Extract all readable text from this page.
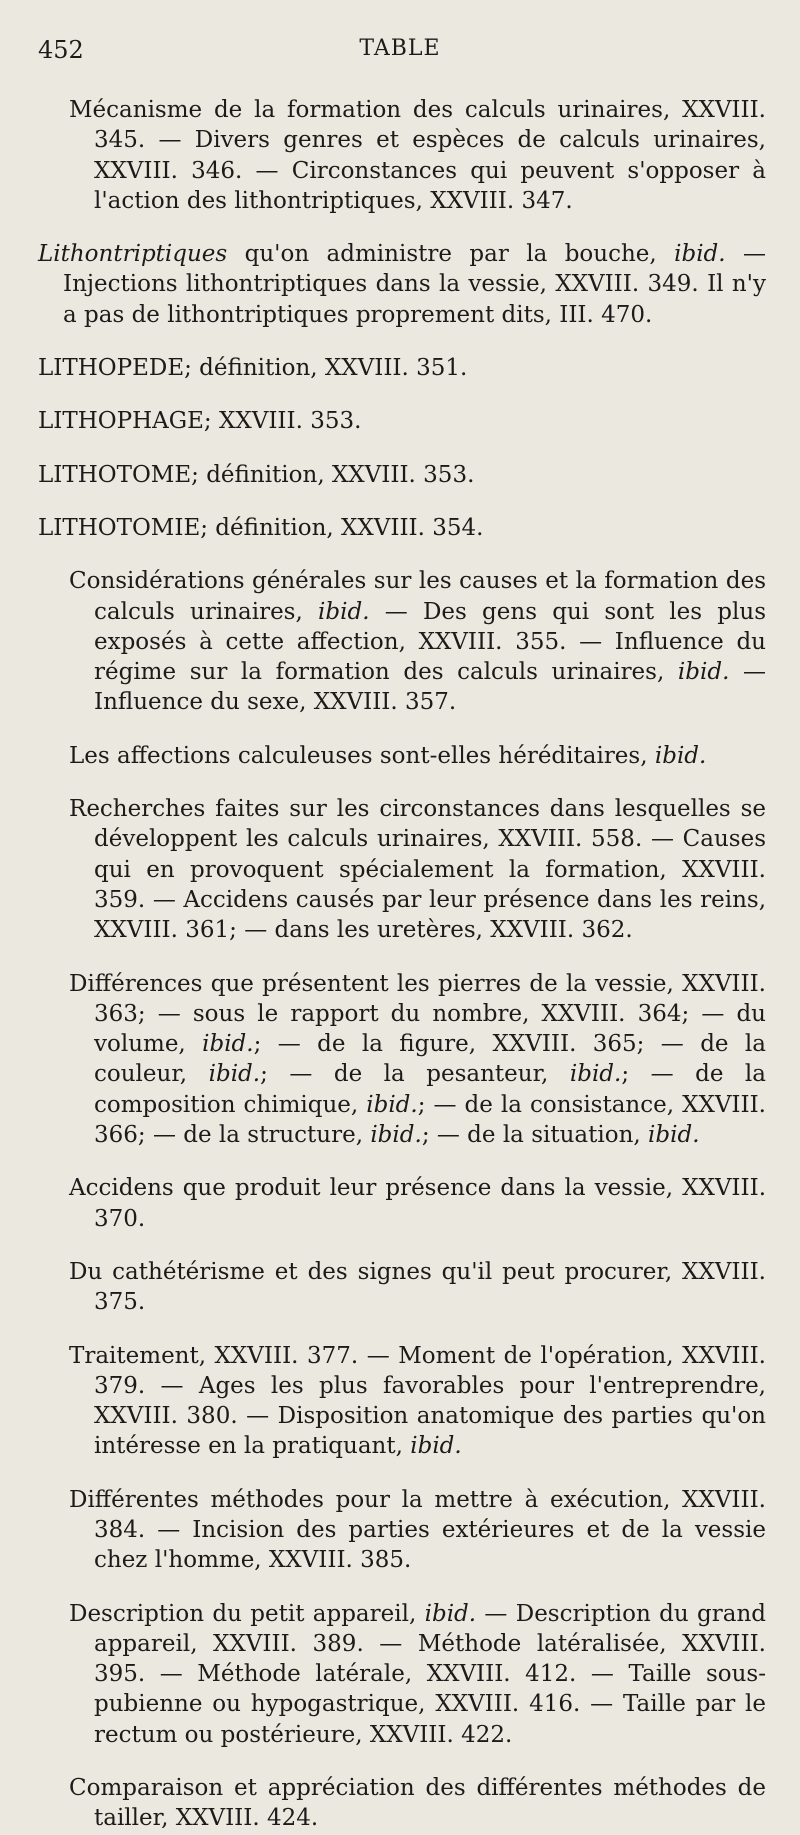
452	TABLE

Mécanisme de la formation des calculs urinaires, XXVIII. 345. — Divers genres et espèces de calculs urinaires, XXVIII. 346. — Circonstances qui peuvent s'opposer à l'action des lithontriptiques, XXVIII. 347.

Lithontriptiques qu'on administre par la bouche, ibid. — Injections lithontriptiques dans la vessie, XXVIII. 349. Il n'y a pas de lithontriptiques proprement dits, III. 470.

LITHOPEDE; définition, XXVIII. 351.

LITHOPHAGE; XXVIII. 353.

LITHOTOME; définition, XXVIII. 353.

LITHOTOMIE; définition, XXVIII. 354.

Considérations générales sur les causes et la formation des calculs urinaires, ibid. — Des gens qui sont les plus exposés à cette affection, XXVIII. 355. — Influence du régime sur la formation des calculs urinaires, ibid. — Influence du sexe, XXVIII. 357.

Les affections calculeuses sont-elles héréditaires, ibid.

Recherches faites sur les circonstances dans lesquelles se développent les calculs urinaires, XXVIII. 558. — Causes qui en provoquent spécialement la formation, XXVIII. 359. — Accidens causés par leur présence dans les reins, XXVIII. 361; — dans les uretères, XXVIII. 362.

Différences que présentent les pierres de la vessie, XXVIII. 363; — sous le rapport du nombre, XXVIII. 364; — du volume, ibid.; — de la figure, XXVIII. 365; — de la couleur, ibid.; — de la pesanteur, ibid.; — de la composition chimique, ibid.; — de la consistance, XXVIII. 366; — de la structure, ibid.; — de la situation, ibid.

Accidens que produit leur présence dans la vessie, XXVIII. 370.

Du cathétérisme et des signes qu'il peut procurer, XXVIII. 375.

Traitement, XXVIII. 377. — Moment de l'opération, XXVIII. 379. — Ages les plus favorables pour l'entreprendre, XXVIII. 380. — Disposition anatomique des parties qu'on intéresse en la pratiquant, ibid.

Différentes méthodes pour la mettre à exécution, XXVIII. 384. — Incision des parties extérieures et de la vessie chez l'homme, XXVIII. 385.

Description du petit appareil, ibid. — Description du grand appareil, XXVIII. 389. — Méthode latéralisée, XXVIII. 395. — Méthode latérale, XXVIII. 412. — Taille sous-pubienne ou hypogastrique, XXVIII. 416. — Taille par le rectum ou postérieure, XXVIII. 422.

Comparaison et appréciation des différentes méthodes de tailler, XXVIII. 424.
